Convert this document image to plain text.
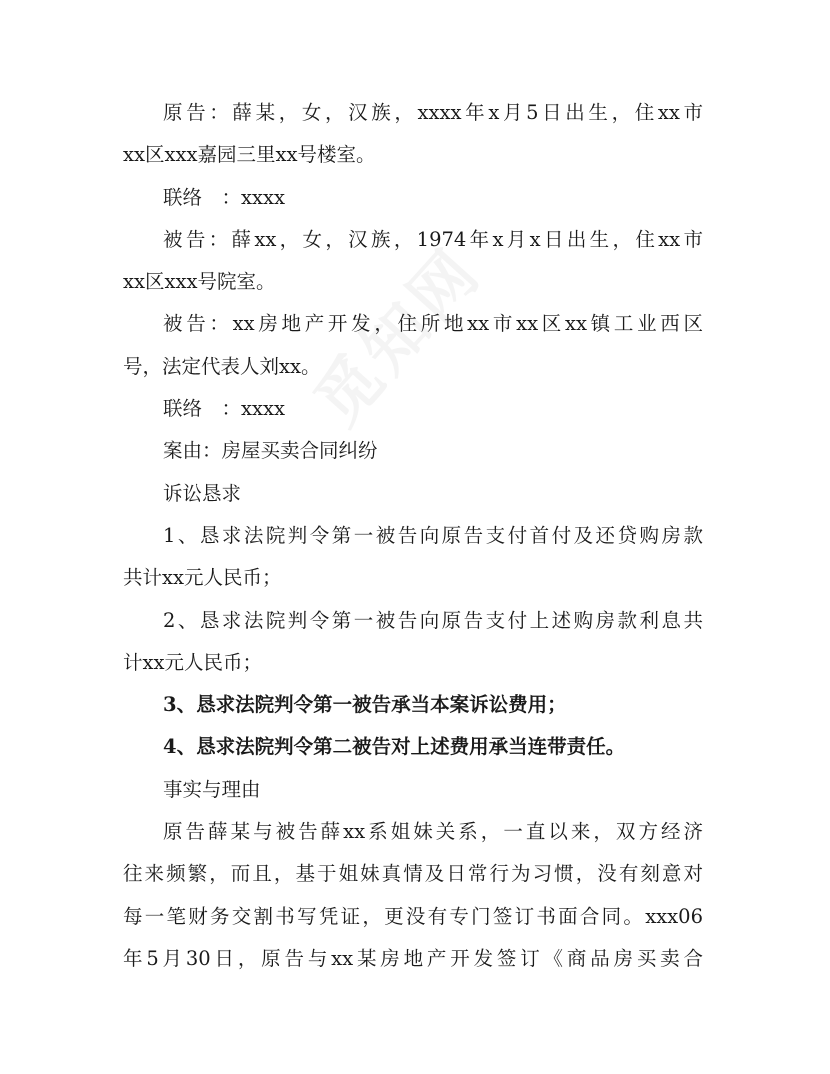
原告：薛某，女，汉族，xxxx年x月5日出生，住xx市
xx区xxx嘉园三里xx号楼室。
联络　：xxxx
被告：薛xx，女，汉族，1974年x月x日出生，住xx市
xx区xxx号院室。
被告：xx房地产开发，住所地xx市xx区xx镇工业西区
号，法定代表人刘xx。
联络　：xxxx
案由：房屋买卖合同纠纷
诉讼恳求
1、恳求法院判令第一被告向原告支付首付及还贷购房款
共计xx元人民币；
2、恳求法院判令第一被告向原告支付上述购房款利息共
计xx元人民币；
3、恳求法院判令第一被告承当本案诉讼费用；
4、恳求法院判令第二被告对上述费用承当连带责任。
事实与理由
原告薛某与被告薛xx系姐妹关系，一直以来，双方经济
往来频繁，而且，基于姐妹真情及日常行为习惯，没有刻意对
每一笔财务交割书写凭证，更没有专门签订书面合同。xxx06
年5月30日，原告与xx某房地产开发签订《商品房买卖合
